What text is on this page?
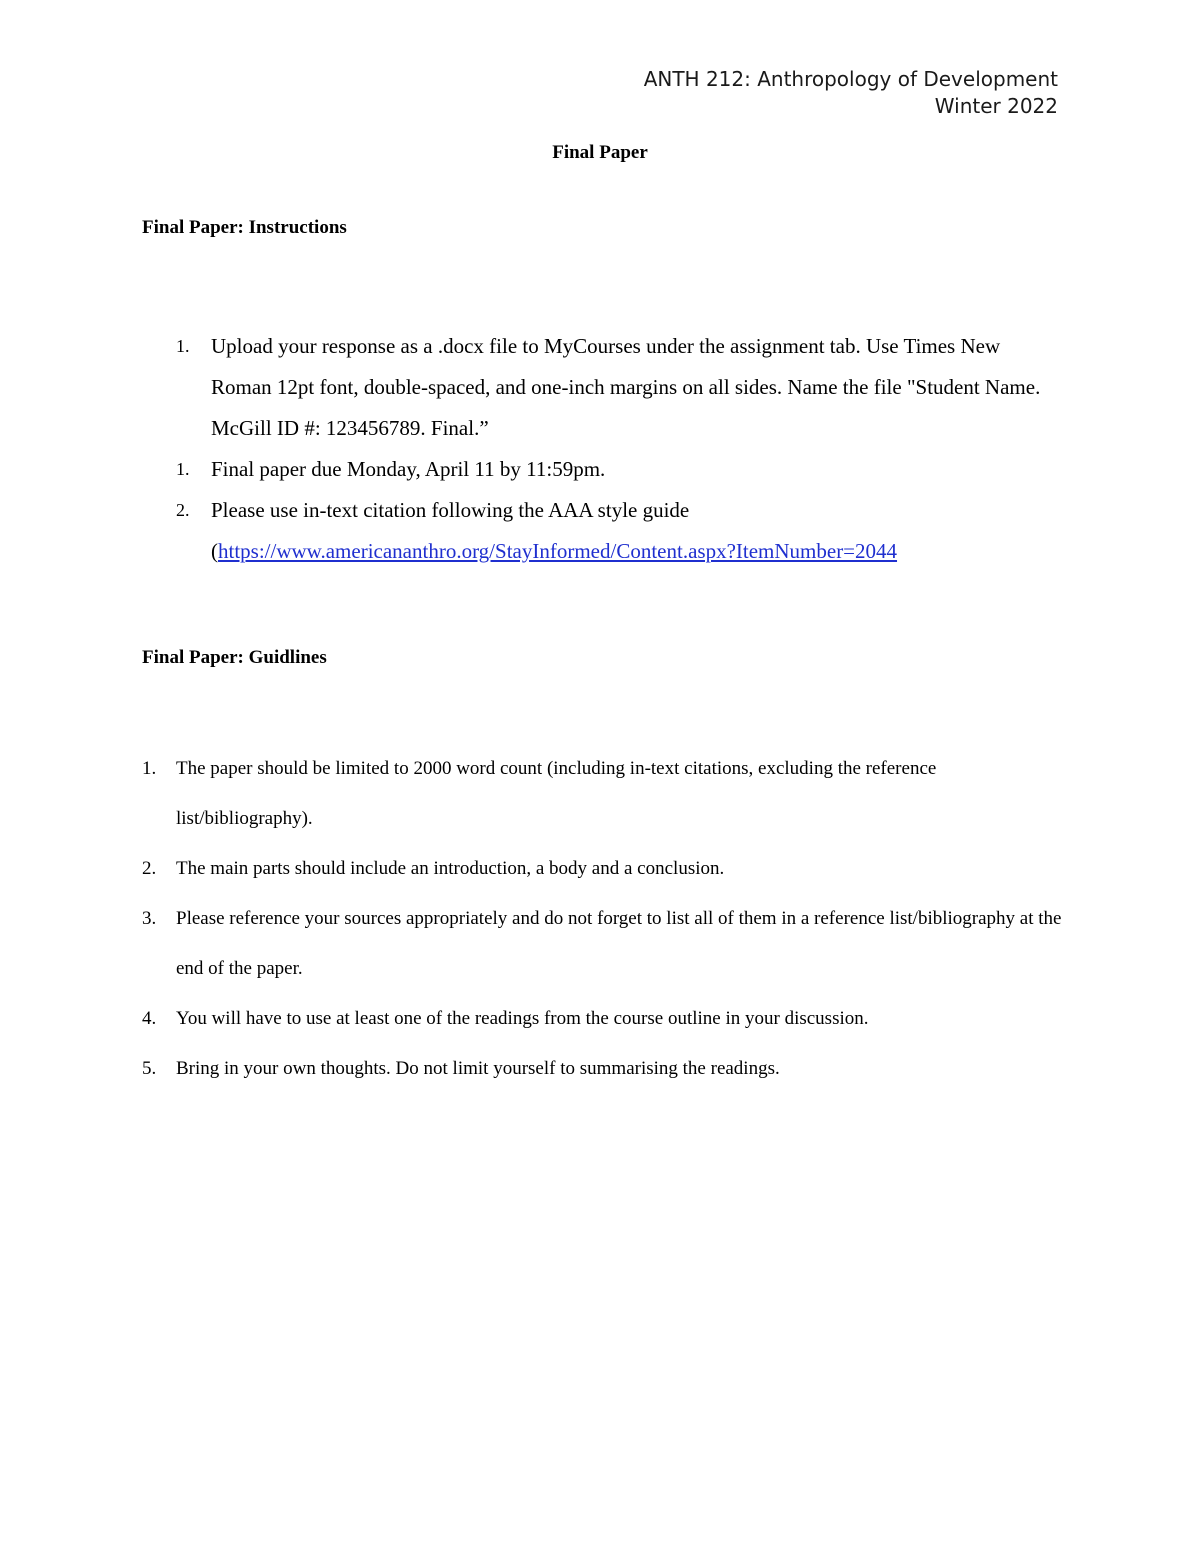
ANTH 212: Anthropology of Development
Winter 2022
Final Paper
Final Paper: Instructions
1. Upload your response as a .docx file to MyCourses under the assignment tab. Use Times New Roman 12pt font, double-spaced, and one-inch margins on all sides. Name the file "Student Name. McGill ID #: 123456789. Final.”
1. Final paper due Monday, April 11 by 11:59pm.
2. Please use in-text citation following the AAA style guide
(https://www.americananthro.org/StayInformed/Content.aspx?ItemNumber=2044
Final Paper: Guidlines
1. The paper should be limited to 2000 word count (including in-text citations, excluding the reference list/bibliography).
2. The main parts should include an introduction, a body and a conclusion.
3. Please reference your sources appropriately and do not forget to list all of them in a reference list/bibliography at the end of the paper.
4. You will have to use at least one of the readings from the course outline in your discussion.
5. Bring in your own thoughts. Do not limit yourself to summarising the readings.
